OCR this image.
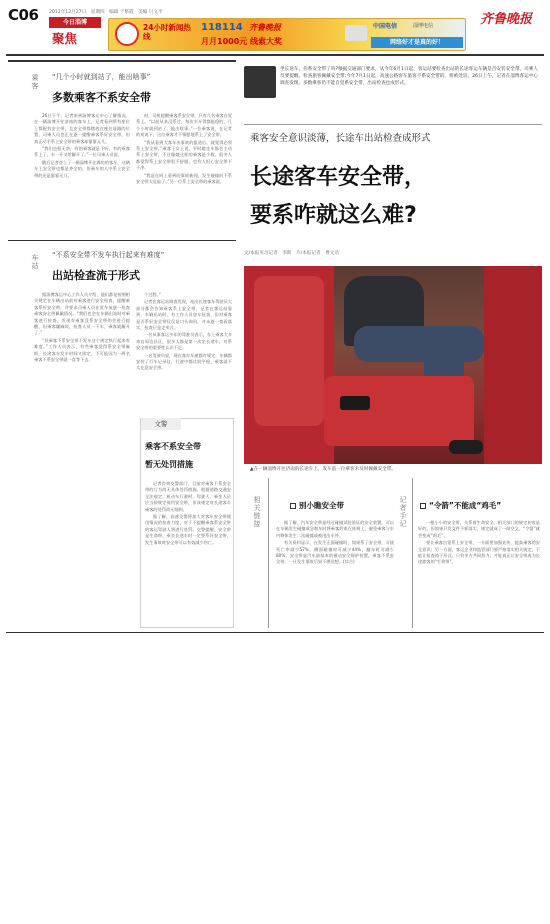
C06 2012年12月27日　星期四　编辑 于繁霞　美编 只文平
今日淄博
聚焦
24小时新闻热线
118114 齐鲁晚报
月月1000元 线索大奖
中国电信	淄博电信
网络好才是真的好！
齐鲁晚报
乘客 “几个小时就到站了，能出啥事”
多数乘客不系安全带

26日下午，记者来到淄博客运中心了解情况。在一辆淄博开往济南的客车上，记者看到所有座位上都配有安全带，且安全带都摆放在座位显眼的位置，司乘人员也正在逐一提醒乘客系好安全带，但真正动手系上安全带的乘客却寥寥无几。

“我们也很无奈，有的乘客就是不听，有的乘客系上了，车一开又给解开了。”一位司乘人员说。

随后记者登上了一辆淄博开往潍坊的客车，这辆车上安全带也都是齐全的，但乘车的人中系上安全带的还是寥寥无几。

时，司机提醒乘客系安全带，只有几名乘客自觉系上。“以前从来没系过，每次车开得都挺稳的，几个小时就到站了，能出啥事。”一位乘客说，在记者的劝说下，这位乘客才不情愿地系上了安全带。

“我从看到大客车出事故的报道后，就觉得必须系上安全带。”乘客王女士说，平时她坐车都会主动系上安全带，不过像她这样的乘客是少数，很多人都觉得系上安全带很不舒服，也有人担心安全带不干净。

“我是在网上看到的事故新闻，发生碰撞时不系安全带太危险了。”另一位系上安全带的乘客说。

车站 “不系安全带不发车执行起来有难度”
出站检查流于形式

据淄博客运中心工作人员介绍，他们都是按照相关规定在车辆出站前对乘客进行安全检查，提醒乘客系好安全带，并要求司乘人员在发车前逐一检查乘客安全带佩戴情况。“我们也会在车辆出站时对乘客进行检查，发现有乘客没系安全带的会进行提醒，但乘客嫌麻烦，检查人员一下车，乘客就解开了。”

“但乘客不系安全带不发车这个规定执行起来有难度。”工作人员表示，有些乘客觉得系安全带麻烦，长途客车发车时间又固定，不可能因为一两名乘客不系安全带就一直等下去。

个过程。”

记者在客运站调查发现，站出长途客车驾驶员大部分都会告知乘客系上安全带，记者在客运站看到，车辆出站时，有工作人员登车检查，但对乘客是否系好安全带仅仅是口头询问，并未逐一查看落实，检查只是走形式。

一名从事客运多年的驾驶员表示，车上乘客大多来自周边县区，很多人都是第一次坐长途车，对系安全带的重要性认识不足。

一名驾驶员说，现在客车车速都有规定，车辆都安装了行车记录仪，行驶中都比较平稳，乘客就不太在意安全带。

文警
乘客不系安全带
暂无处罚措施

记者咨询交警部门，目前对乘客不系安全带的行为尚无具体处罚措施。根据道路交通安全法规定，机动车行驶时，驾驶人、乘坐人员应当按规定使用安全带，但该规定对长途客车乘客的处罚尚无细则。

据了解，高速交警将加大对客车安全带使用情况的检查力度，对于不提醒乘客系安全带的客运驾驶人将进行处罚。交警提醒，安全带是生命带，乘坐长途车时一定要系好安全带，发生事故时安全带可以有效减少伤亡。

坐长途车，你系安全带了吗?根据交通部门要求，从今年6月1日起，客运站要检查出站的长途客运车辆是否安装安全带，司乘人员要提醒、检查旅客佩戴安全带;今年7月1日起，高速公路客车旅客不系安全带的，将被处罚。26日上午，记者在淄博客运中心调查发现，多数乘客仍不能自觉系安全带，出站检查也成形式。
乘客安全意识淡薄，长途车出站检查成形式
长途客车安全带，
要系咋就这么难?
文/本报见习记者　李斯　片/本报记者　曹文浩
▲在一辆淄博开往济南的长途车上，发车前一位乘客未及时佩戴安全带。
相关链接	别小瞧安全带

据了解，汽车安全带是经过碰撞试验验证的安全装置，可以在车辆发生碰撞或急刹车时将乘客约束在座椅上，避免乘客与车内物体发生二次碰撞或被甩出车外。

有关资料显示，在发生正面碰撞时，如果系了安全带，可使死亡率减少57%，侧面碰撞时可减少44%，翻车时可减少80%。安全带是汽车最基本的被动安全保护装置，乘客不系安全带，一旦发生事故后果不堪设想。(综合)

记者手记	“令箭”不能成“鸡毛”

一根小小的安全带，关系着生命安全。相关部门的规定初衷是好的，但如果只发文件不抓落实，规定就成了一纸空文，“令箭”就会变成“鸡毛”。

要让乘客自觉系上安全带，一方面要加强宣传，提高乘客的安全意识；另一方面，客运企业和监管部门要严格落实相关规定，不能让检查流于形式。只有多方共同努力，才能真正让安全带成为长途旅客的“生命带”。
